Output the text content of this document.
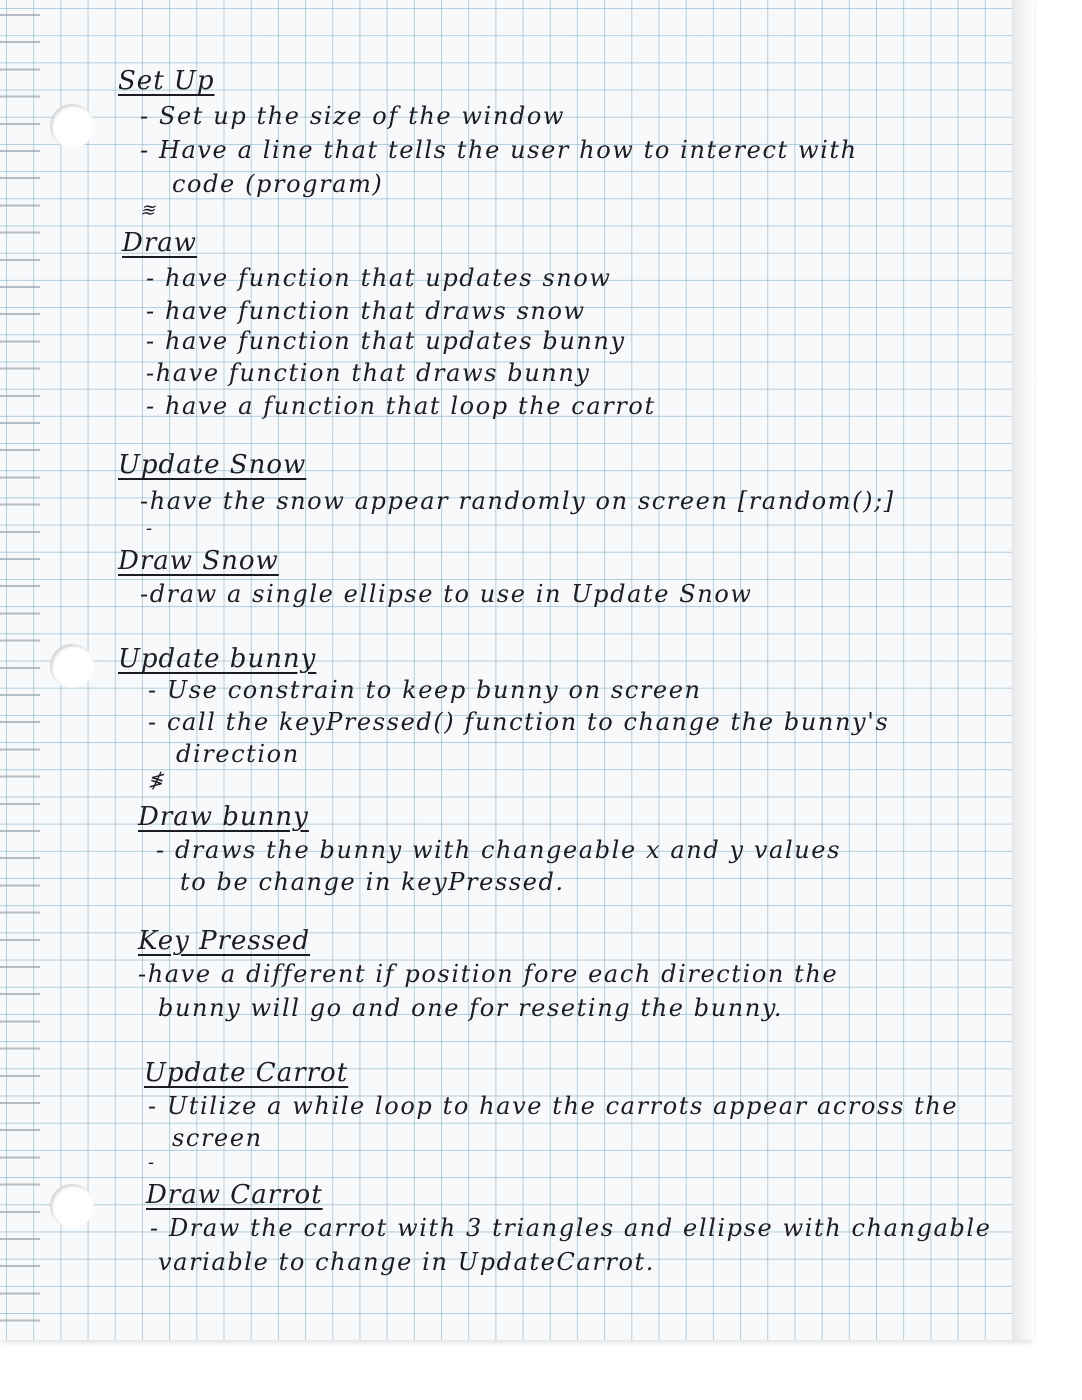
Set Up

- Set up the size of the window

- Have a line that tells the user how to interect with

code (program)

≋

Draw

- have function that updates snow

- have function that draws snow

- have function that updates bunny

-have function that draws bunny

- have a function that loop the carrot

Update Snow

-have the snow appear randomly on screen [random();]

-

Draw Snow

-draw a single ellipse to use in Update Snow

Update bunny

- Use constrain to keep bunny on screen

- call the keyPressed() function to change the bunny's

direction

≸

Draw bunny

- draws the bunny with changeable x and y values

to be change in keyPressed.

Key Pressed

-have a different if position fore each direction the

bunny will go and one for reseting the bunny.

Update Carrot

- Utilize a while loop to have the carrots appear across the

screen

-

Draw Carrot

- Draw the carrot with 3 triangles and ellipse with changable

variable to change in UpdateCarrot.
